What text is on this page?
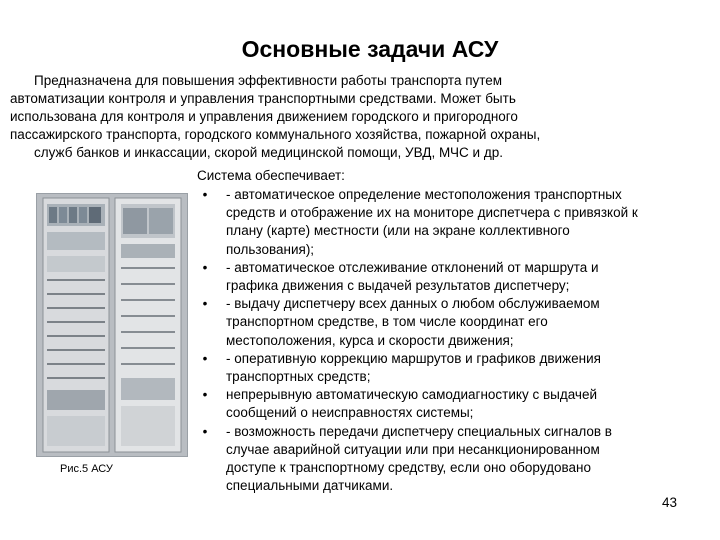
Основные задачи АСУ
Предназначена для повышения эффективности работы транспорта путем
автоматизации контроля и управления транспортными средствами. Может быть
использована для контроля и управления движением городского и пригородного
пассажирского транспорта, городского коммунального хозяйства, пожарной охраны,
служб банков и инкассации, скорой медицинской помощи, УВД, МЧС и др.
Рис.5 АСУ
Система обеспечивает:
• - автоматическое определение местоположения транспортных средств и отображение их на мониторе диспетчера с привязкой к плану (карте) местности (или на экране коллективного пользования);
• - автоматическое отслеживание отклонений от маршрута и графика движения с выдачей результатов диспетчеру;
• - выдачу диспетчеру всех данных о любом обслуживаемом транспортном средстве, в том числе координат его местоположения, курса и скорости движения;
• - оперативную коррекцию маршрутов и графиков движения транспортных средств;
• непрерывную автоматическую самодиагностику с выдачей сообщений о неисправностях системы;
• - возможность передачи диспетчеру специальных сигналов в случае аварийной ситуации или при несанкционированном доступе к транспортному средству, если оно оборудовано специальными датчиками.
43
